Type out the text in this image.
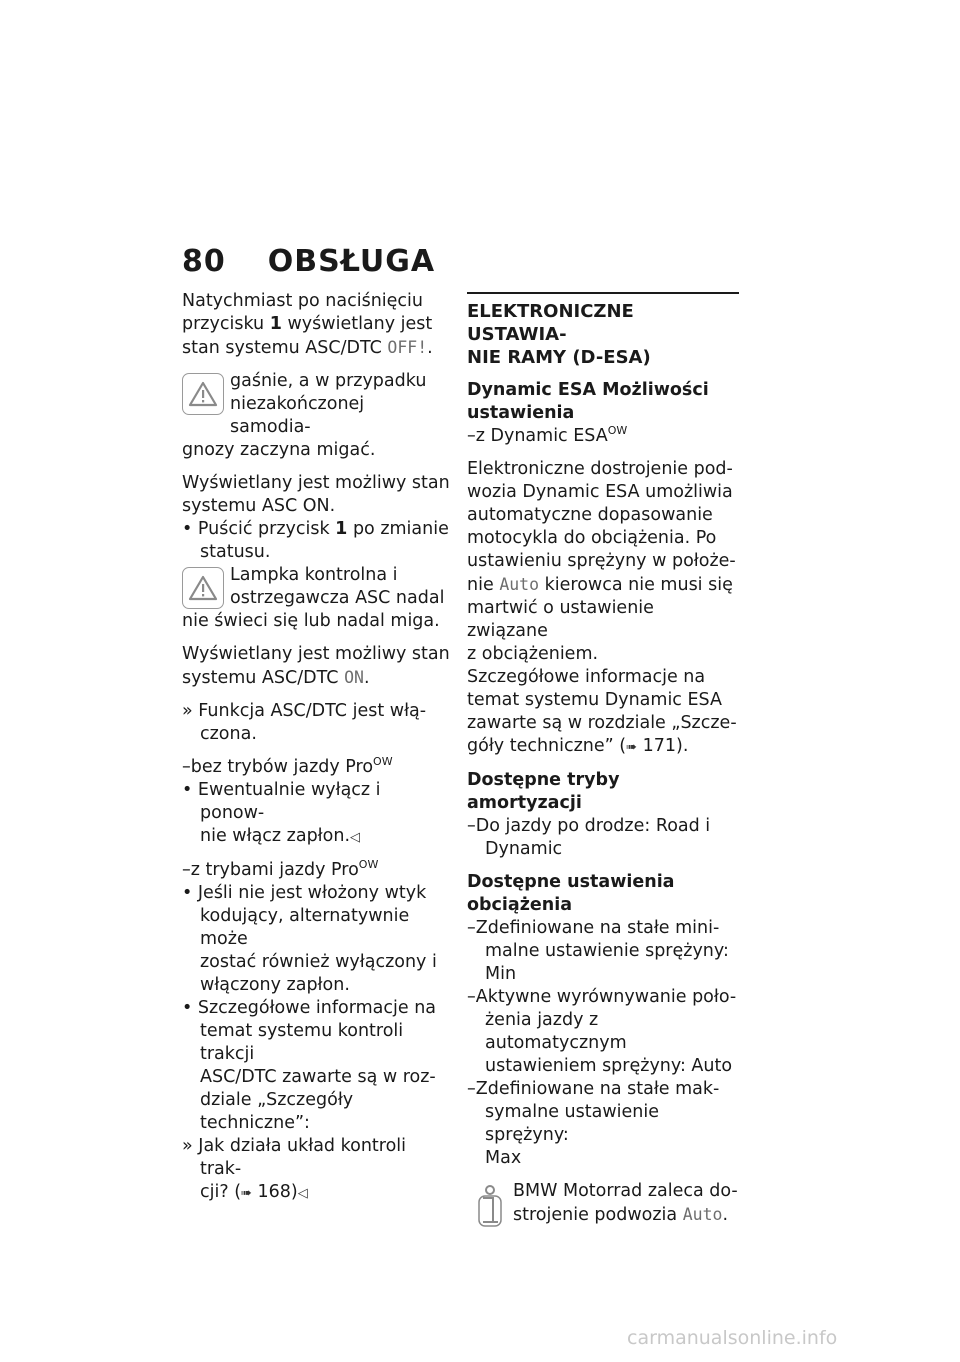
80 OBSŁUGA

Natychmiast po naciśnięciu
przycisku 1 wyświetlany jest
stan systemu ASC/DTC OFF!.

gaśnie, a w przypadku
niezakończonej samodia-

gnozy zaczyna migać.

Wyświetlany jest możliwy stan
systemu ASC ON.

• Puścić przycisk 1 po zmianie
statusu.
Lampka kontrolna i
ostrzegawcza ASC nadal

nie świeci się lub nadal miga.

Wyświetlany jest możliwy stan
systemu ASC/DTC ON.

» Funkcja ASC/DTC jest włą-
czona.

–bez trybów jazdy Pro$^{OW}$

• Ewentualnie wyłącz i ponow-
nie włącz zapłon.◁

–z trybami jazdy Pro$^{OW}$

• Jeśli nie jest włożony wtyk
kodujący, alternatywnie może
zostać również wyłączony i
włączony zapłon.
• Szczegółowe informacje na
temat systemu kontroli trakcji
ASC/DTC zawarte są w roz-
dziale „Szczegóły techniczne”:
» Jak działa układ kontroli trak-
cji? (➠ 168)◁

ELEKTRONICZNE USTAWIA-
NIE RAMY (D-ESA)

Dynamic ESA Możliwości
ustawienia

–z Dynamic $ESA^{OW}$

Elektroniczne dostrojenie pod-
wozia Dynamic ESA umożliwia
automatyczne dopasowanie
motocykla do obciążenia. Po
ustawieniu sprężyny w położe-
nie Auto kierowca nie musi się
martwić o ustawienie związane
z obciążeniem.

Szczegółowe informacje na
temat systemu Dynamic ESA
zawarte są w rozdziale „Szcze-
góły techniczne” (➠ 171).

Dostępne tryby amortyzacji

–Do jazdy po drodze: Road i
Dynamic

Dostępne ustawienia
obciążenia

–Zdefiniowane na stałe mini-
malne ustawienie sprężyny:
Min
–Aktywne wyrównywanie poło-
żenia jazdy z automatycznym
ustawieniem sprężyny: Auto
–Zdefiniowane na stałe mak-
symalne ustawienie sprężyny:
Max
BMW Motorrad zaleca do-
strojenie podwozia Auto.
carmanualsonline.info
